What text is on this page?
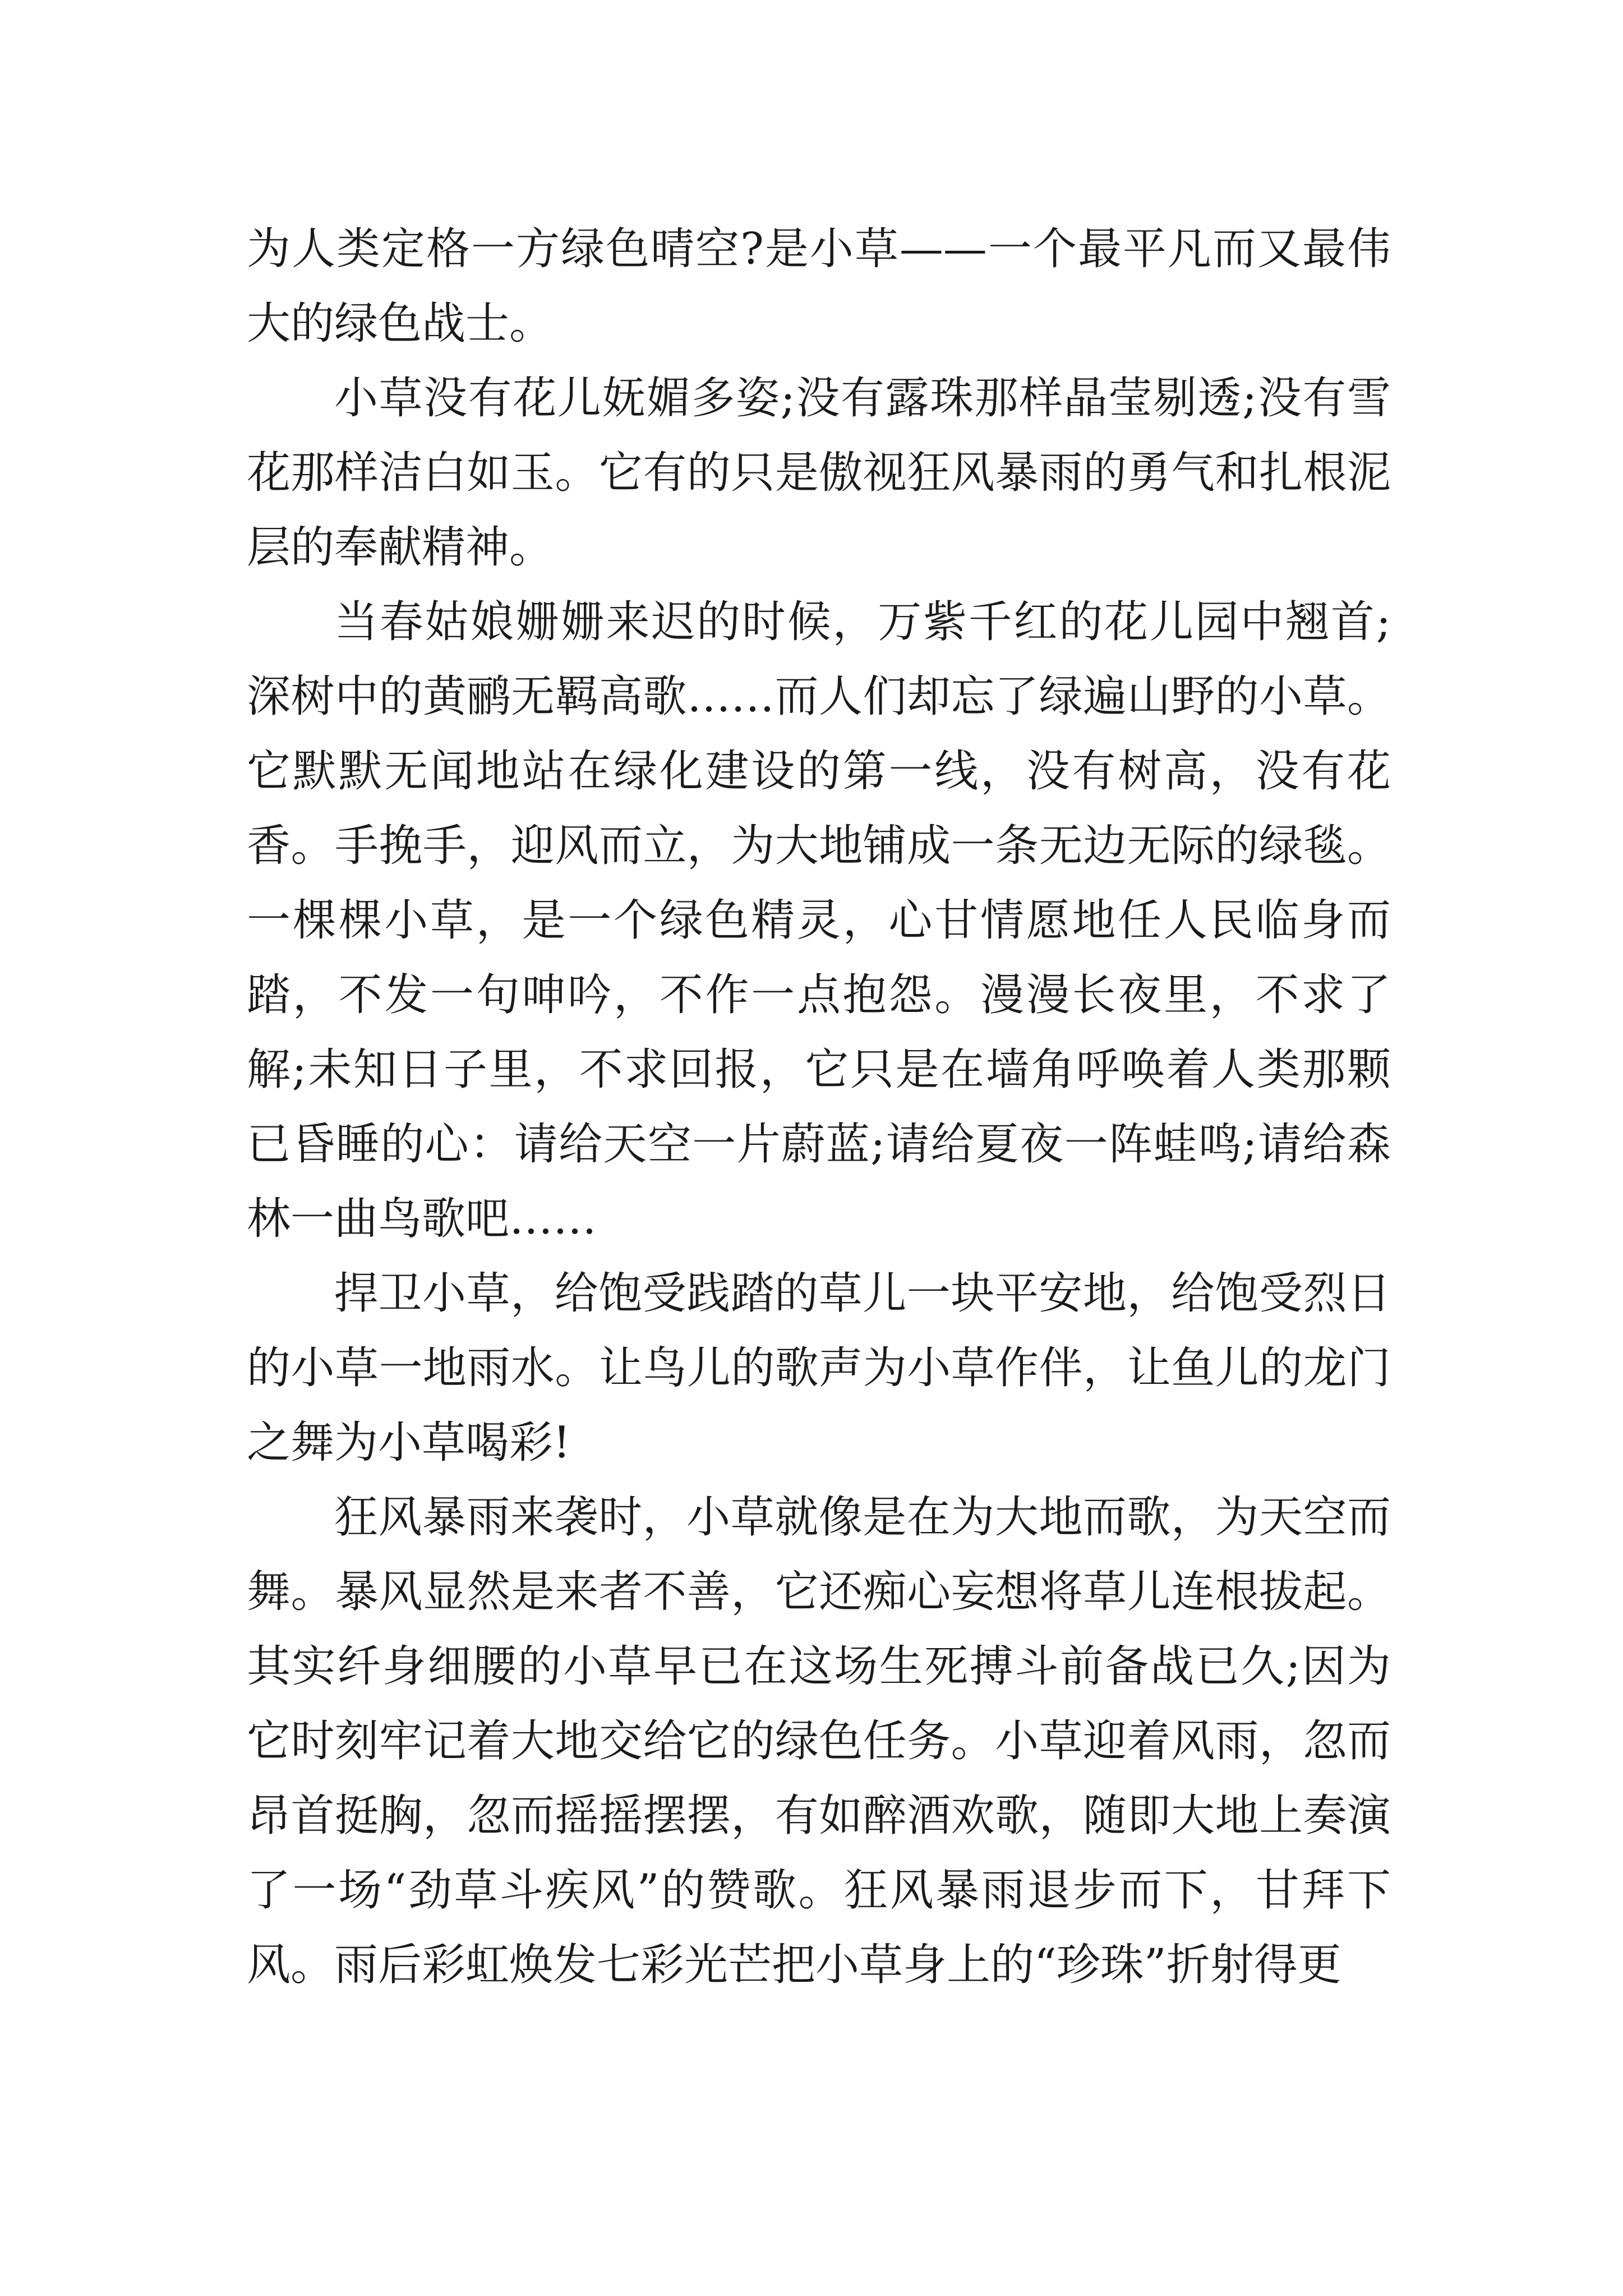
为人类定格一方绿色晴空?是小草——一个最平凡而又最伟大的绿色战士。

小草没有花儿妩媚多姿;没有露珠那样晶莹剔透;没有雪花那样洁白如玉。它有的只是傲视狂风暴雨的勇气和扎根泥层的奉献精神。

当春姑娘姗姗来迟的时候，万紫千红的花儿园中翘首;深树中的黄鹂无羁高歌……而人们却忘了绿遍山野的小草。它默默无闻地站在绿化建设的第一线，没有树高，没有花香。手挽手，迎风而立，为大地铺成一条无边无际的绿毯。一棵棵小草，是一个绿色精灵，心甘情愿地任人民临身而踏，不发一句呻吟，不作一点抱怨。漫漫长夜里，不求了解;未知日子里，不求回报，它只是在墙角呼唤着人类那颗已昏睡的心：请给天空一片蔚蓝;请给夏夜一阵蛙鸣;请给森林一曲鸟歌吧……

捍卫小草，给饱受践踏的草儿一块平安地，给饱受烈日的小草一地雨水。让鸟儿的歌声为小草作伴，让鱼儿的龙门之舞为小草喝彩!

狂风暴雨来袭时，小草就像是在为大地而歌，为天空而舞。暴风显然是来者不善，它还痴心妄想将草儿连根拔起。其实纤身细腰的小草早已在这场生死搏斗前备战已久;因为它时刻牢记着大地交给它的绿色任务。小草迎着风雨，忽而昂首挺胸，忽而摇摇摆摆，有如醉酒欢歌，随即大地上奏演了一场“劲草斗疾风”的赞歌。狂风暴雨退步而下，甘拜下风。雨后彩虹焕发七彩光芒把小草身上的“珍珠”折射得更
